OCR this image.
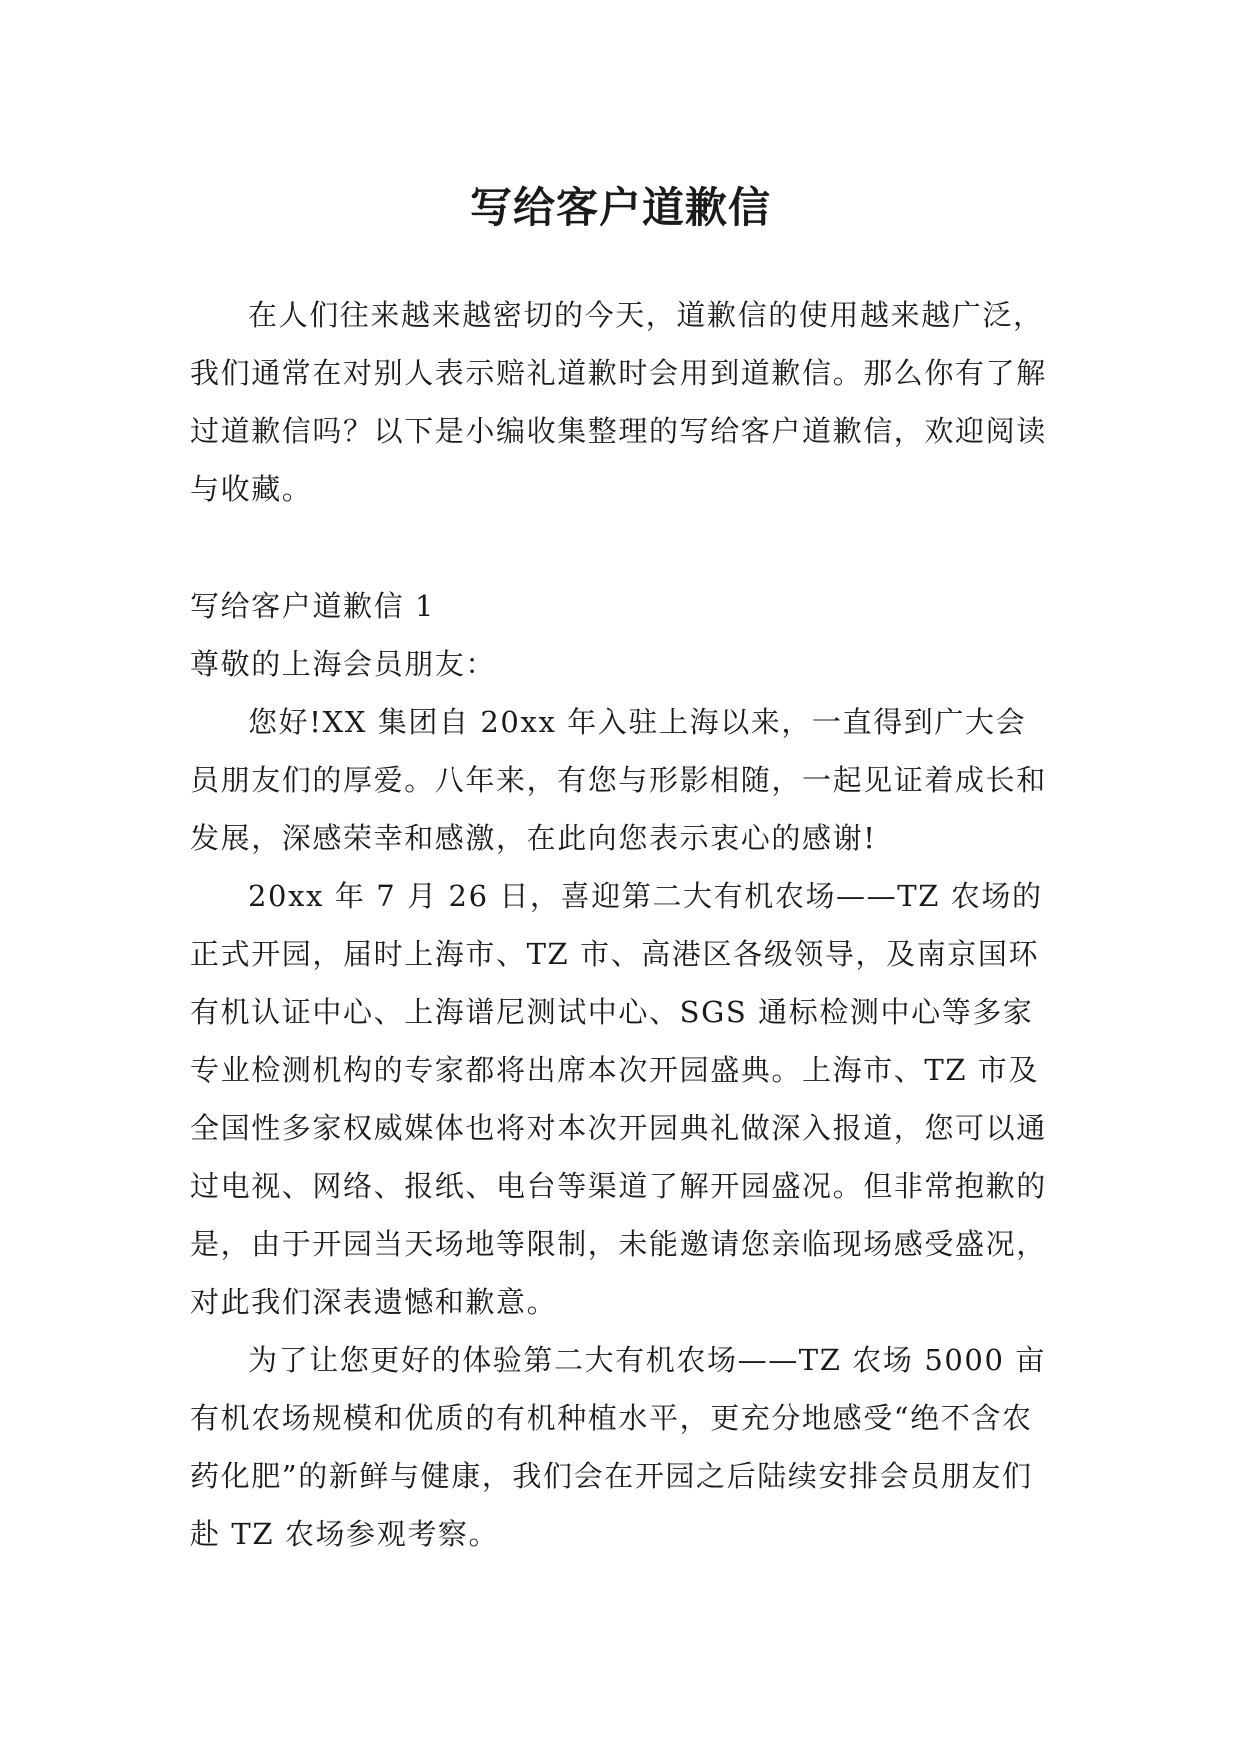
写给客户道歉信

在人们往来越来越密切的今天，道歉信的使用越来越广泛，我们通常在对别人表示赔礼道歉时会用到道歉信。那么你有了解过道歉信吗？以下是小编收集整理的写给客户道歉信，欢迎阅读与收藏。

写给客户道歉信 1

尊敬的上海会员朋友：

您好!XX 集团自 20xx 年入驻上海以来，一直得到广大会员朋友们的厚爱。八年来，有您与形影相随，一起见证着成长和发展，深感荣幸和感激，在此向您表示衷心的感谢!

20xx 年 7 月 26 日，喜迎第二大有机农场——TZ 农场的正式开园，届时上海市、TZ 市、高港区各级领导，及南京国环有机认证中心、上海谱尼测试中心、SGS 通标检测中心等多家专业检测机构的专家都将出席本次开园盛典。上海市、TZ 市及全国性多家权威媒体也将对本次开园典礼做深入报道，您可以通过电视、网络、报纸、电台等渠道了解开园盛况。但非常抱歉的是，由于开园当天场地等限制，未能邀请您亲临现场感受盛况，对此我们深表遗憾和歉意。

为了让您更好的体验第二大有机农场——TZ 农场 5000 亩有机农场规模和优质的有机种植水平，更充分地感受“绝不含农药化肥”的新鲜与健康，我们会在开园之后陆续安排会员朋友们赴 TZ 农场参观考察。
